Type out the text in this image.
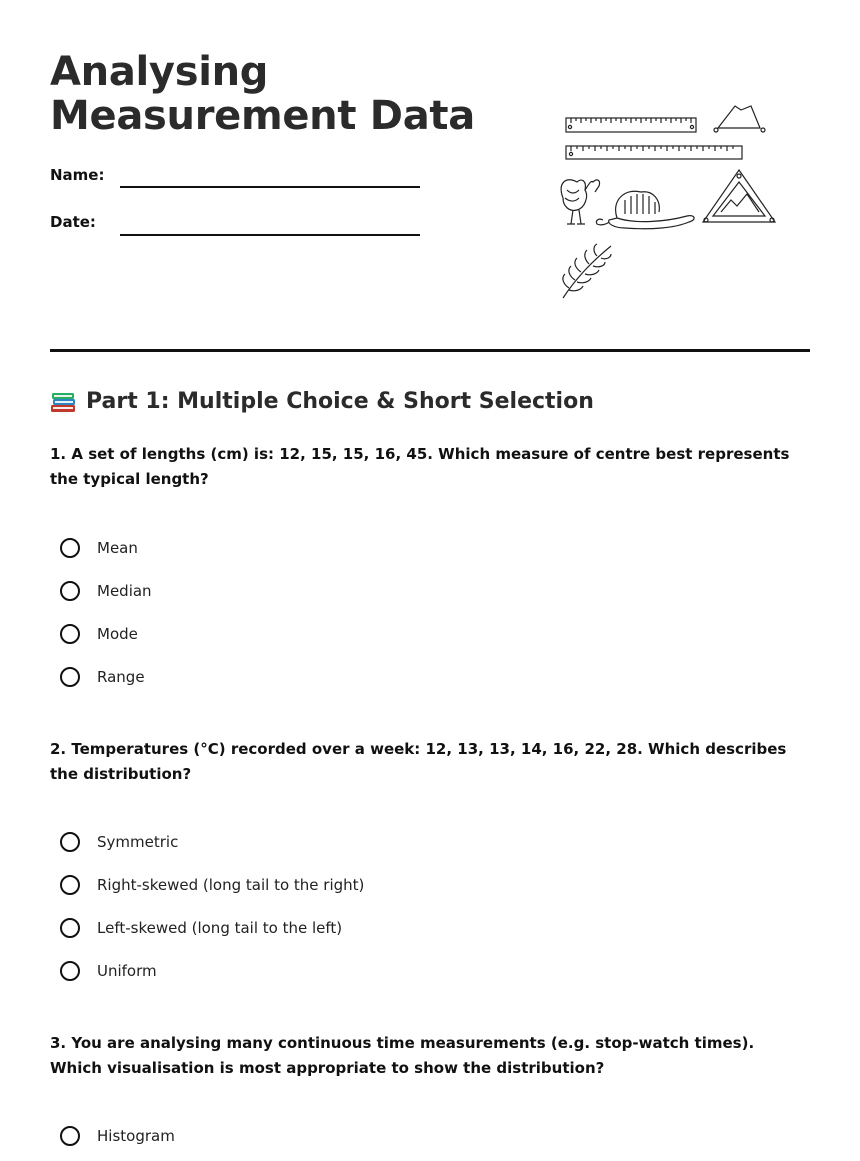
Analysing Measurement Data
Name:
Date:
Part 1: Multiple Choice & Short Selection
1. A set of lengths (cm) is: 12, 15, 15, 16, 45. Which measure of centre best represents the typical length?
Mean
Median
Mode
Range
2. Temperatures (°C) recorded over a week: 12, 13, 13, 14, 16, 22, 28. Which describes the distribution?
Symmetric
Right-skewed (long tail to the right)
Left-skewed (long tail to the left)
Uniform
3. You are analysing many continuous time measurements (e.g. stop-watch times). Which visualisation is most appropriate to show the distribution?
Histogram
